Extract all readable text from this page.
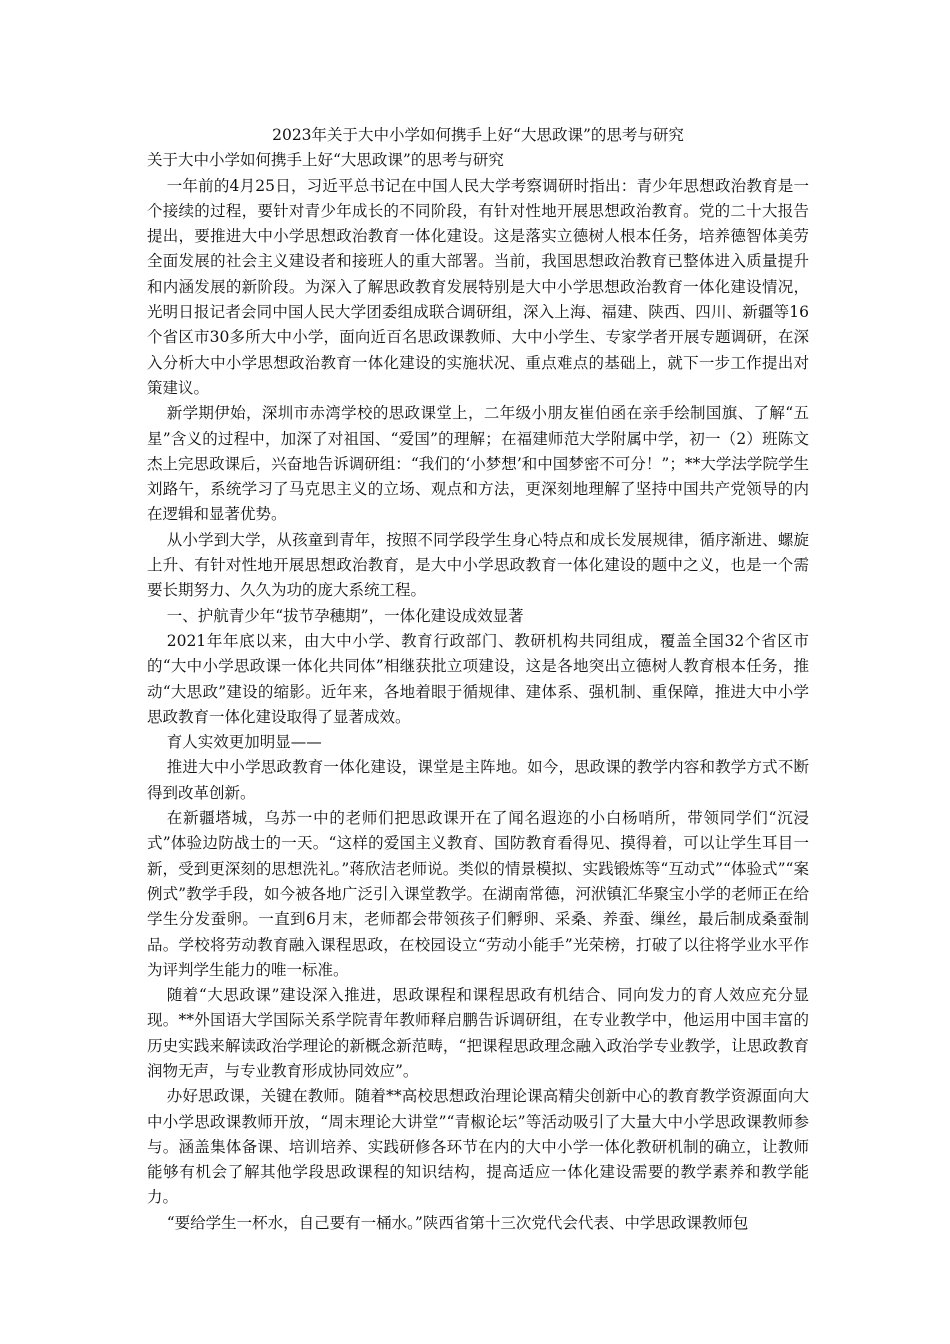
2023年关于大中小学如何携手上好“大思政课”的思考与研究

关于大中小学如何携手上好“大思政课”的思考与研究

一年前的4月25日，习近平总书记在中国人民大学考察调研时指出：青少年思想政治教育是一个接续的过程，要针对青少年成长的不同阶段，有针对性地开展思想政治教育。党的二十大报告提出，要推进大中小学思想政治教育一体化建设。这是落实立德树人根本任务，培养德智体美劳全面发展的社会主义建设者和接班人的重大部署。当前，我国思想政治教育已整体进入质量提升和内涵发展的新阶段。为深入了解思政教育发展特别是大中小学思想政治教育一体化建设情况，光明日报记者会同中国人民大学团委组成联合调研组，深入上海、福建、陕西、四川、新疆等16个省区市30多所大中小学，面向近百名思政课教师、大中小学生、专家学者开展专题调研，在深入分析大中小学思想政治教育一体化建设的实施状况、重点难点的基础上，就下一步工作提出对策建议。

新学期伊始，深圳市赤湾学校的思政课堂上，二年级小朋友崔伯函在亲手绘制国旗、了解“五星”含义的过程中，加深了对祖国、“爱国”的理解；在福建师范大学附属中学，初一（2）班陈文杰上完思政课后，兴奋地告诉调研组：“我们的‘小梦想’和中国梦密不可分！”；**大学法学院学生刘路午，系统学习了马克思主义的立场、观点和方法，更深刻地理解了坚持中国共产党领导的内在逻辑和显著优势。

从小学到大学，从孩童到青年，按照不同学段学生身心特点和成长发展规律，循序渐进、螺旋上升、有针对性地开展思想政治教育，是大中小学思政教育一体化建设的题中之义，也是一个需要长期努力、久久为功的庞大系统工程。

一、护航青少年“拔节孕穗期”，一体化建设成效显著

2021年年底以来，由大中小学、教育行政部门、教研机构共同组成，覆盖全国32个省区市的“大中小学思政课一体化共同体”相继获批立项建设，这是各地突出立德树人教育根本任务，推动“大思政”建设的缩影。近年来，各地着眼于循规律、建体系、强机制、重保障，推进大中小学思政教育一体化建设取得了显著成效。

育人实效更加明显——

推进大中小学思政教育一体化建设，课堂是主阵地。如今，思政课的教学内容和教学方式不断得到改革创新。

在新疆塔城，乌苏一中的老师们把思政课开在了闻名遐迩的小白杨哨所，带领同学们“沉浸式”体验边防战士的一天。“这样的爱国主义教育、国防教育看得见、摸得着，可以让学生耳目一新，受到更深刻的思想洗礼。”蒋欣洁老师说。类似的情景模拟、实践锻炼等“互动式”“体验式”“案例式”教学手段，如今被各地广泛引入课堂教学。在湖南常德，河洑镇汇华聚宝小学的老师正在给学生分发蚕卵。一直到6月末，老师都会带领孩子们孵卵、采桑、养蚕、缫丝，最后制成桑蚕制品。学校将劳动教育融入课程思政，在校园设立“劳动小能手”光荣榜，打破了以往将学业水平作为评判学生能力的唯一标准。

随着“大思政课”建设深入推进，思政课程和课程思政有机结合、同向发力的育人效应充分显现。**外国语大学国际关系学院青年教师释启鹏告诉调研组，在专业教学中，他运用中国丰富的历史实践来解读政治学理论的新概念新范畴，“把课程思政理念融入政治学专业教学，让思政教育润物无声，与专业教育形成协同效应”。

办好思政课，关键在教师。随着**高校思想政治理论课高精尖创新中心的教育教学资源面向大中小学思政课教师开放，“周末理论大讲堂”“青椒论坛”等活动吸引了大量大中小学思政课教师参与。涵盖集体备课、培训培养、实践研修各环节在内的大中小学一体化教研机制的确立，让教师能够有机会了解其他学段思政课程的知识结构，提高适应一体化建设需要的教学素养和教学能力。

“要给学生一杯水，自己要有一桶水。”陕西省第十三次党代会代表、中学思政课教师包
